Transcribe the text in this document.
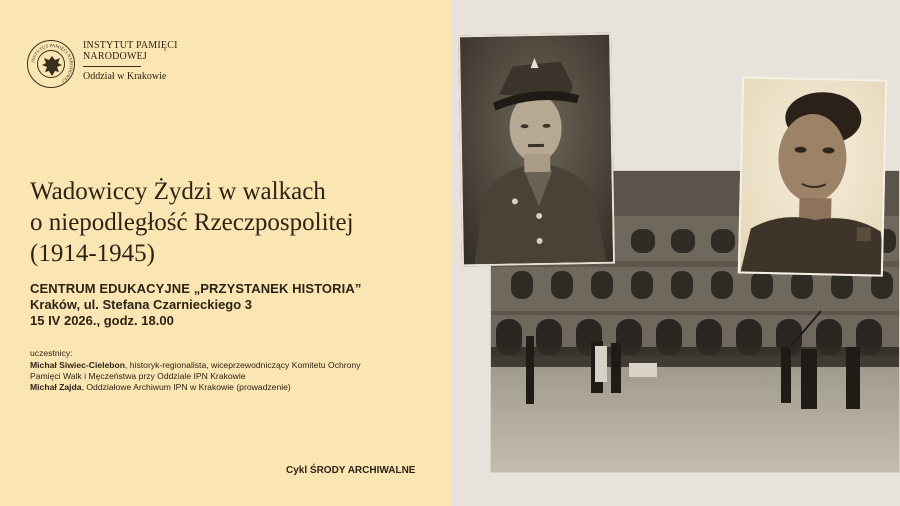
INSTYTUT PAMIĘCI NARODOWEJ
INSTYTUT PAMIĘCI
NARODOWEJ
Oddział w Krakowie
Wadowiccy Żydzi w walkach
o niepodległość Rzeczpospolitej
(1914-1945)
CENTRUM EDUKACYJNE „PRZYSTANEK HISTORIA”
Kraków, ul. Stefana Czarnieckiego 3
15 IV 2026., godz. 18.00
uczestnicy:
Michał Siwiec-Cielebon, historyk-regionalista, wiceprzewodniczący Komitetu Ochrony
Pamięci Walk i Męczeństwa przy Oddziale IPN Krakowie
Michał Zajda, Oddziałowe Archiwum IPN w Krakowie (prowadzenie)
Cykl ŚRODY ARCHIWALNE
